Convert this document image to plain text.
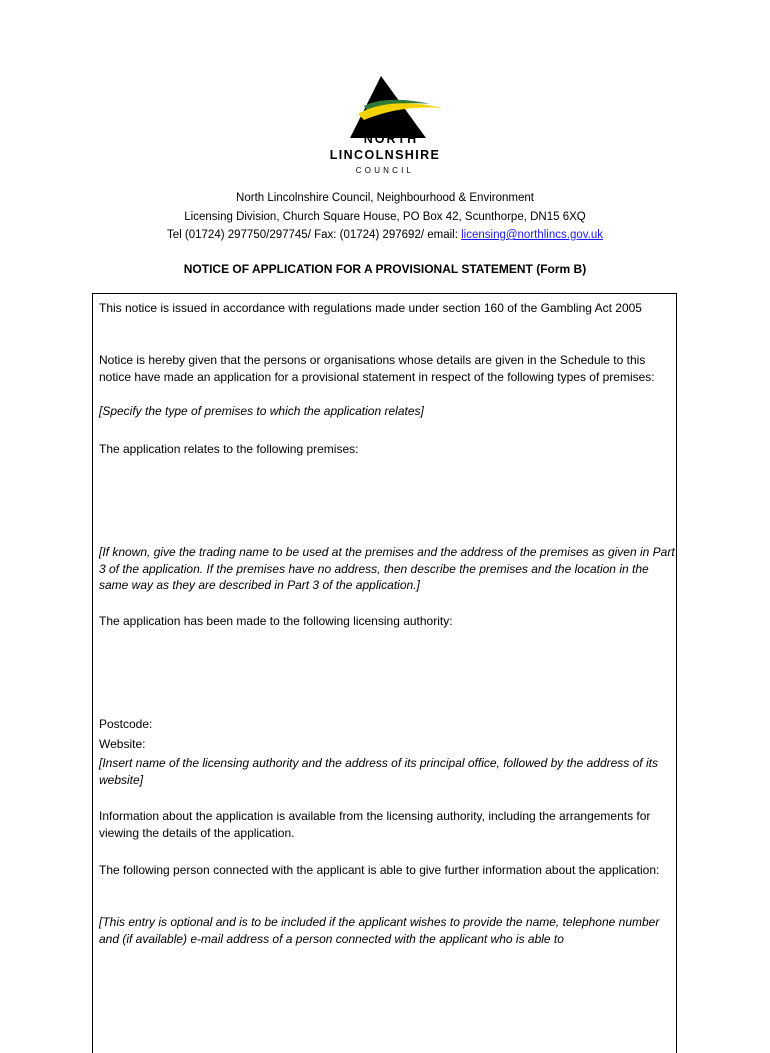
NORTH
LINCOLNSHIRE
COUNCIL
North Lincolnshire Council, Neighbourhood & Environment
Licensing Division, Church Square House, PO Box 42, Scunthorpe, DN15 6XQ
Tel (01724) 297750/297745/ Fax: (01724) 297692/ email: licensing@northlincs.gov.uk
NOTICE OF APPLICATION FOR A PROVISIONAL STATEMENT (Form B)

This notice is issued in accordance with regulations made under section 160 of the Gambling Act 2005

Notice is hereby given that the persons or organisations whose details are given in the Schedule to this notice have made an application for a provisional statement in respect of the following types of premises:

[Specify the type of premises to which the application relates]

The application relates to the following premises:

[If known, give the trading name to be used at the premises and the address of the premises as given in Part 3 of the application. If the premises have no address, then describe the premises and the location in the same way as they are described in Part 3 of the application.]

The application has been made to the following licensing authority:

Postcode:

Website:

[Insert name of the licensing authority and the address of its principal office, followed by the address of its website]

Information about the application is available from the licensing authority, including the arrangements for viewing the details of the application.

The following person connected with the applicant is able to give further information about the application:

[This entry is optional and is to be included if the applicant wishes to provide the name, telephone number and (if available) e-mail address of a person connected with the applicant who is able to
